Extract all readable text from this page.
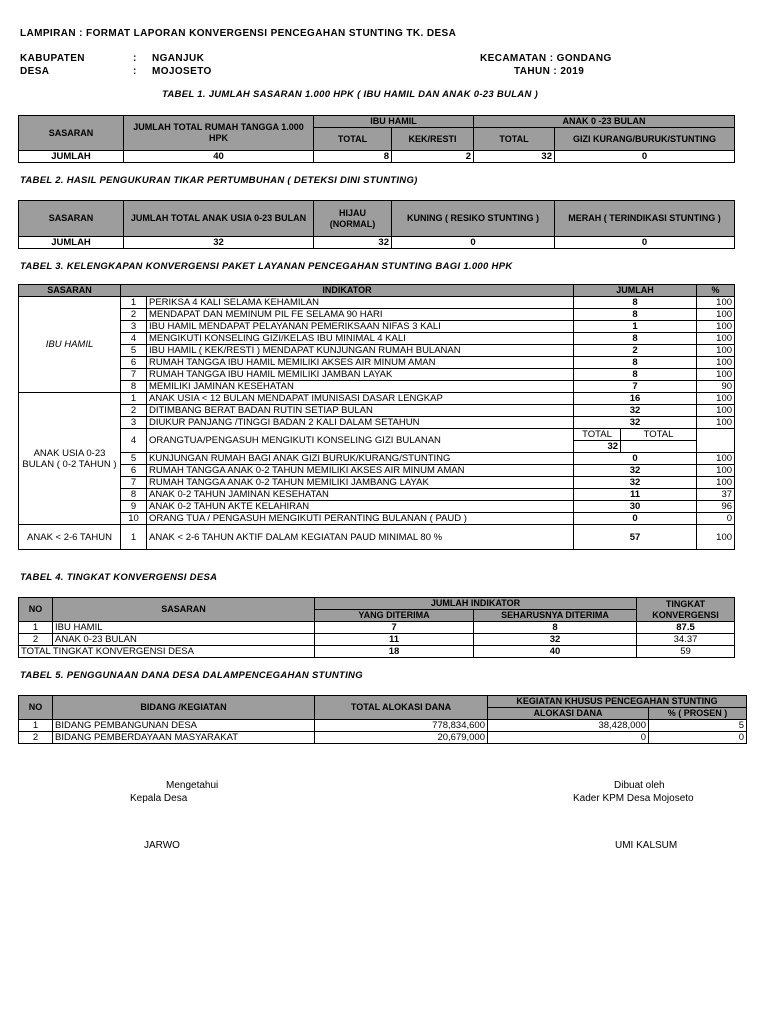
LAMPIRAN : FORMAT LAPORAN KONVERGENSI PENCEGAHAN STUNTING TK. DESA
KABUPATEN	: NGANJUK
DESA	: MOJOSETO
KECAMATAN : GONDANG
TAHUN : 2019
TABEL 1. JUMLAH SASARAN 1.000 HPK ( IBU HAMIL DAN ANAK 0-23 BULAN )
SASARAN	JUMLAH TOTAL RUMAH TANGGA 1.000 HPK	IBU HAMIL		ANAK 0 -23 BULAN	
		TOTAL	KEK/RESTI	TOTAL	GIZI KURANG/BURUK/STUNTING
JUMLAH	40	8	2	32	0
TABEL 2. HASIL PENGUKURAN TIKAR PERTUMBUHAN ( DETEKSI DINI STUNTING)
SASARAN	JUMLAH TOTAL ANAK USIA 0-23 BULAN	HIJAU (NORMAL)	KUNING ( RESIKO STUNTING )	MERAH ( TERINDIKASI STUNTING )
JUMLAH	32	32	0	0
TABEL 3. KELENGKAPAN KONVERGENSI PAKET LAYANAN PENCEGAHAN STUNTING BAGI 1.000 HPK
SASARAN	INDIKATOR		JUMLAH		%
IBU HAMIL	1	PERIKSA 4 KALI SELAMA KEHAMILAN	8		100
	2	MENDAPAT DAN MEMINUM PIL FE SELAMA 90 HARI	8		100
	3	IBU HAMIL MENDAPAT PELAYANAN PEMERIKSAAN NIFAS 3 KALI	1		100
	4	MENGIKUTI KONSELING GIZI/KELAS IBU MINIMAL 4 KALI	8		100
	5	IBU HAMIL ( KEK/RESTI ) MENDAPAT KUNJUNGAN RUMAH BULANAN	2		100
	6	RUMAH TANGGA IBU HAMIL MEMILIKI AKSES AIR MINUM AMAN	8		100
	7	RUMAH TANGGA IBU HAMIL MEMILIKI JAMBAN LAYAK	8		100
	8	MEMILIKI JAMINAN KESEHATAN	7		90
ANAK USIA 0-23 BULAN ( 0-2 TAHUN )	1	ANAK USIA < 12 BULAN MENDAPAT IMUNISASI DASAR LENGKAP	16		100
	2	DITIMBANG BERAT BADAN RUTIN SETIAP BULAN	32		100
	3	DIUKUR PANJANG /TINGGI BADAN 2 KALI DALAM SETAHUN	32		100
	4	ORANGTUA/PENGASUH MENGIKUTI KONSELING GIZI BULANAN	TOTAL	TOTAL	
			32		
	5	KUNJUNGAN RUMAH BAGI ANAK GIZI BURUK/KURANG/STUNTING	0		100
	6	RUMAH TANGGA ANAK 0-2 TAHUN MEMILIKI AKSES AIR MINUM AMAN	32		100
	7	RUMAH TANGGA ANAK 0-2 TAHUN MEMILIKI JAMBANG LAYAK	32		100
	8	ANAK 0-2 TAHUN JAMINAN KESEHATAN	11		37
	9	ANAK 0-2 TAHUN AKTE KELAHIRAN	30		96
	10	ORANG TUA / PENGASUH MENGIKUTI PERANTING BULANAN ( PAUD )	0		0
ANAK < 2-6 TAHUN	1	ANAK < 2-6 TAHUN AKTIF DALAM KEGIATAN PAUD MINIMAL 80 %	57		100
TABEL 4. TINGKAT KONVERGENSI DESA
NO	SASARAN	JUMLAH INDIKATOR		TINGKAT KONVERGENSI
		YANG DITERIMA	SEHARUSNYA DITERIMA	
1	IBU HAMIL	7	8	87.5
2	ANAK 0-23 BULAN	11	32	34.37
TOTAL TINGKAT KONVERGENSI DESA		18	40	59
TABEL 5. PENGGUNAAN DANA DESA DALAMPENCEGAHAN STUNTING
NO	BIDANG /KEGIATAN	TOTAL ALOKASI DANA	KEGIATAN KHUSUS PENCEGAHAN STUNTING	
			ALOKASI DANA	% ( PROSEN )
1	BIDANG PEMBANGUNAN DESA	778,834,600	38,428,000	5
2	BIDANG PEMBERDAYAAN MASYARAKAT	20,679,000	0	0
Mengetahui
Kepala Desa
JARWO
Dibuat oleh
Kader KPM Desa Mojoseto
UMI KALSUM
